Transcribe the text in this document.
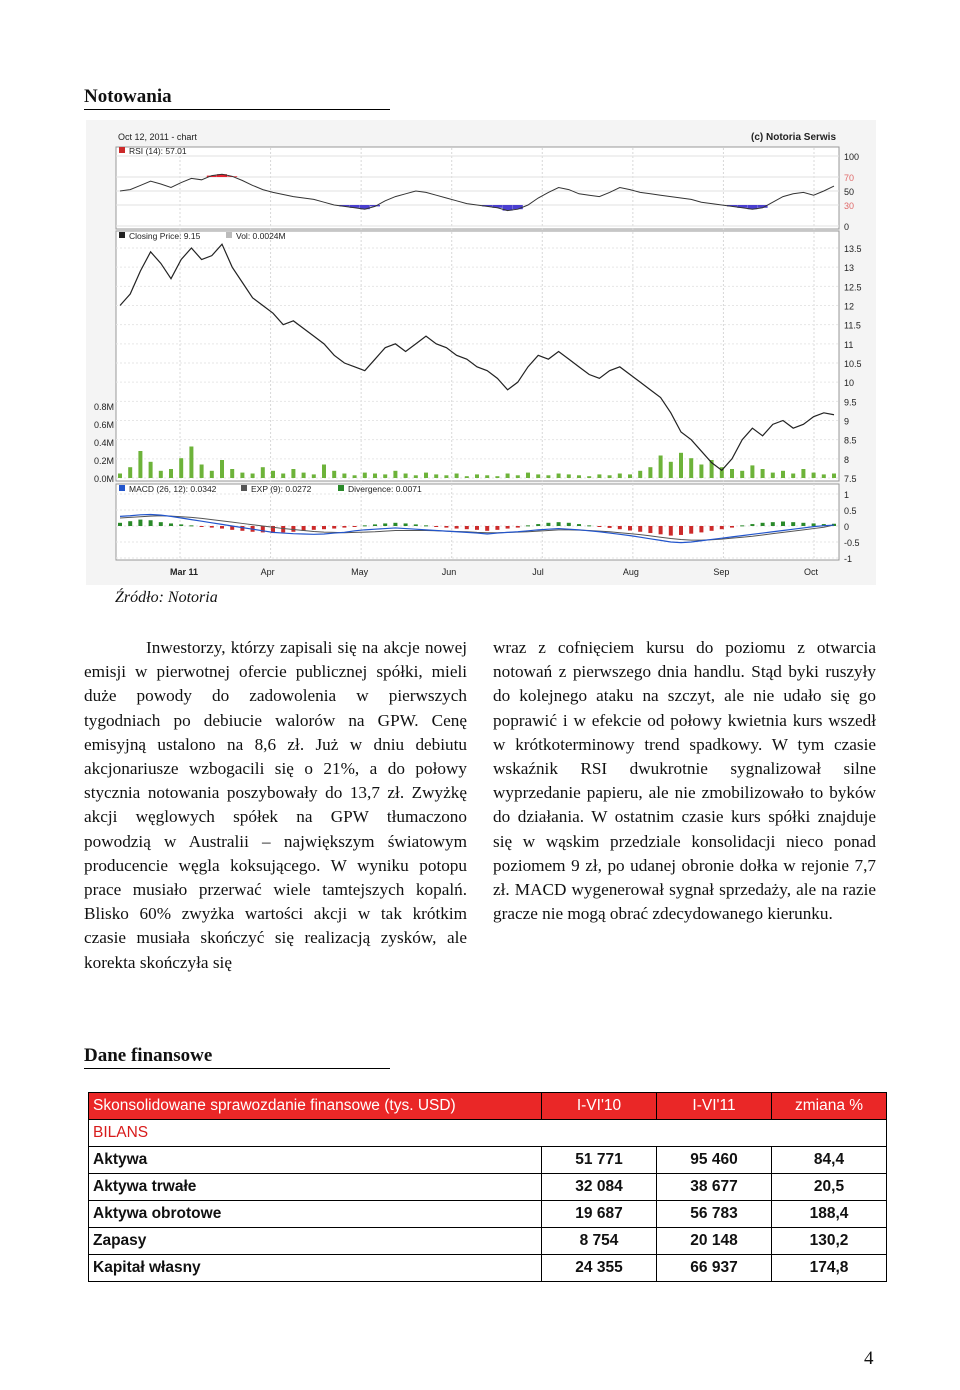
Notowania
Mar 11	Apr	May	Jun	Jul	Aug	Sep	Oct
100
70
50
30
0
13.5
13
12.5
12
11.5
11
10.5
10
9.5
9
8.5
8
7.5
0.8M
0.6M
0.4M
0.2M
0.0M
1
0.5
0
-0.5
-1
Oct 12, 2011 - chart	(c) Notoria Serwis
RSI (14): 57.01
Closing Price: 9.15	Vol: 0.0024M
MACD (26, 12): 0.0342	EXP (9): 0.0272	Divergence: 0.0071
Źródło: Notoria

Inwestorzy, którzy zapisali się na akcje nowej emisji w pierwotnej ofercie publicznej spółki, mieli duże powody do zadowolenia w pierwszych tygodniach po debiucie walorów na GPW. Cenę emisyjną ustalono na 8,6 zł. Już w dniu debiutu akcjonariusze wzbogacili się o 21%, a do połowy stycznia notowania poszybowały do 13,7 zł. Zwyżkę akcji węglowych spółek na GPW tłumaczono powodzią w Australii – największym światowym producencie węgla koksującego. W wyniku potopu prace musiało przerwać wiele tamtejszych kopalń. Blisko 60% zwyżka wartości akcji w tak krótkim czasie musiała skończyć się realizacją zysków, ale korekta skończyła się

wraz z cofnięciem kursu do poziomu z otwarcia notowań z pierwszego dnia handlu. Stąd byki ruszyły do kolejnego ataku na szczyt, ale nie udało się go poprawić i w efekcie od połowy kwietnia kurs wszedł w krótkoterminowy trend spadkowy. W tym czasie wskaźnik RSI dwukrotnie sygnalizował silne wyprzedanie papieru, ale nie zmobilizowało to byków do działania. W ostatnim czasie kurs spółki znajduje się w wąskim przedziale konsolidacji nieco ponad poziomem 9 zł, po udanej obronie dołka w rejonie 7,7 zł. MACD wygenerował sygnał sprzedaży, ale na razie gracze nie mogą obrać zdecydowanego kierunku.

Dane finansowe
Skonsolidowane sprawozdanie finansowe (tys. USD)	I-VI'10	I-VI'11	zmiana %
BILANS			
Aktywa	51 771	95 460	84,4
Aktywa trwałe	32 084	38 677	20,5
Aktywa obrotowe	19 687	56 783	188,4
Zapasy	8 754	20 148	130,2
Kapitał własny	24 355	66 937	174,8
4
